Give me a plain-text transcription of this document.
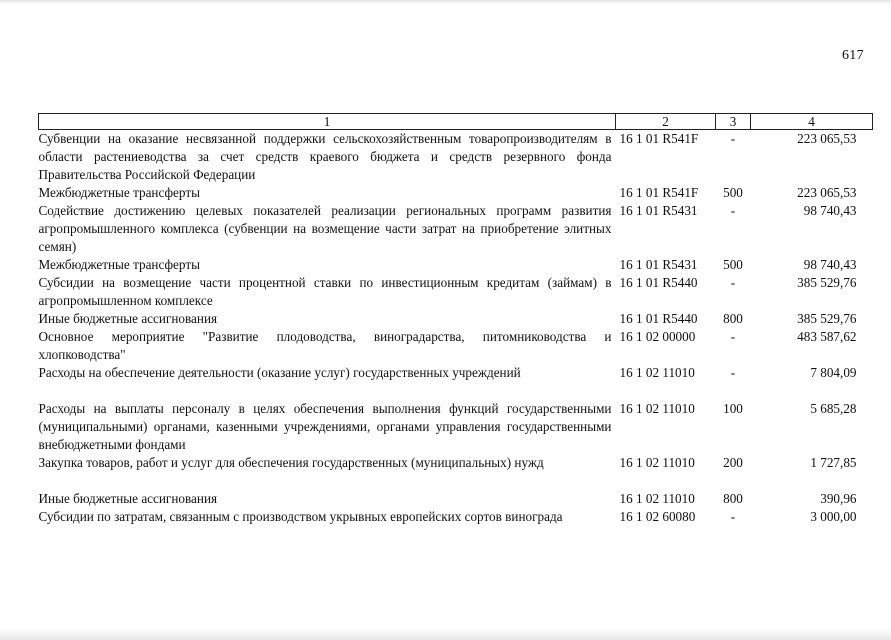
617
1	2	3	4
Субвенции на оказание несвязанной поддержки сельскохозяйственным товаропроизводителям в области растениеводства за счет средств краевого бюджета и средств резервного фонда Правительства Российской Федерации	16 1 01 R541F	-	223 065,53
Межбюджетные трансферты	16 1 01 R541F	500	223 065,53
Содействие достижению целевых показателей реализации региональных программ развития агропромышленного комплекса (субвенции на возмещение части затрат на приобретение элитных семян)	16 1 01 R5431	-	98 740,43
Межбюджетные трансферты	16 1 01 R5431	500	98 740,43
Субсидии на возмещение части процентной ставки по инвестиционным кредитам (займам) в агропромышленном комплексе	16 1 01 R5440	-	385 529,76
Иные бюджетные ассигнования	16 1 01 R5440	800	385 529,76
Основное мероприятие "Развитие плодоводства, виноградарства, питомниководства и хлопководства"	16 1 02 00000	-	483 587,62
Расходы на обеспечение деятельности (оказание услуг) государственных учреждений	16 1 02 11010	-	7 804,09
Расходы на выплаты персоналу в целях обеспечения выполнения функций государственными (муниципальными) органами, казенными учреждениями, органами управления государственными внебюджетными фондами	16 1 02 11010	100	5 685,28
Закупка товаров, работ и услуг для обеспечения государственных (муниципальных) нужд	16 1 02 11010	200	1 727,85
Иные бюджетные ассигнования	16 1 02 11010	800	390,96
Субсидии по затратам, связанным с производством укрывных европейских сортов винограда	16 1 02 60080	-	3 000,00
